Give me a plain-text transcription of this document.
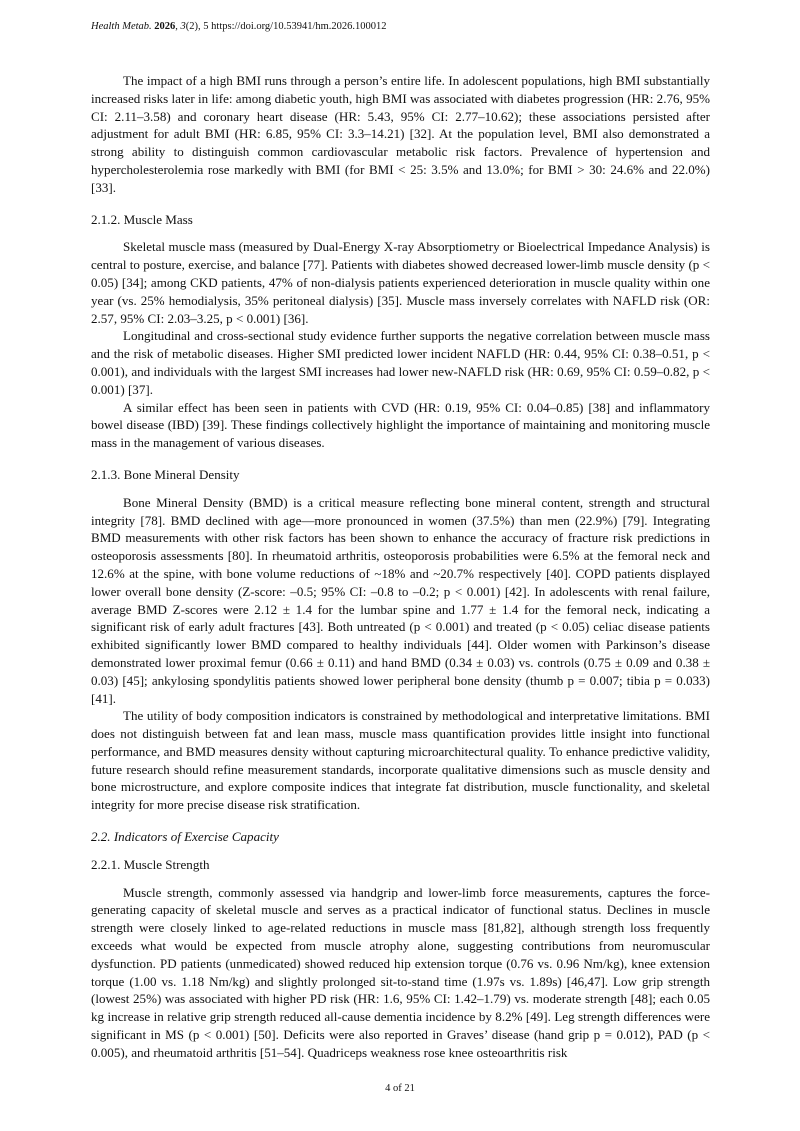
Health Metab. 2026, 3(2), 5 https://doi.org/10.53941/hm.2026.100012

The impact of a high BMI runs through a person’s entire life. In adolescent populations, high BMI substantially increased risks later in life: among diabetic youth, high BMI was associated with diabetes progression (HR: 2.76, 95% CI: 2.11–3.58) and coronary heart disease (HR: 5.43, 95% CI: 2.77–10.62); these associations persisted after adjustment for adult BMI (HR: 6.85, 95% CI: 3.3–14.21) [32]. At the population level, BMI also demonstrated a strong ability to distinguish common cardiovascular metabolic risk factors. Prevalence of hypertension and hypercholesterolemia rose markedly with BMI (for BMI < 25: 3.5% and 13.0%; for BMI > 30: 24.6% and 22.0%) [33].

2.1.2. Muscle Mass

Skeletal muscle mass (measured by Dual-Energy X-ray Absorptiometry or Bioelectrical Impedance Analysis) is central to posture, exercise, and balance [77]. Patients with diabetes showed decreased lower-limb muscle density (p < 0.05) [34]; among CKD patients, 47% of non-dialysis patients experienced deterioration in muscle quality within one year (vs. 25% hemodialysis, 35% peritoneal dialysis) [35]. Muscle mass inversely correlates with NAFLD risk (OR: 2.57, 95% CI: 2.03–3.25, p < 0.001) [36].

Longitudinal and cross-sectional study evidence further supports the negative correlation between muscle mass and the risk of metabolic diseases. Higher SMI predicted lower incident NAFLD (HR: 0.44, 95% CI: 0.38–0.51, p < 0.001), and individuals with the largest SMI increases had lower new-NAFLD risk (HR: 0.69, 95% CI: 0.59–0.82, p < 0.001) [37].

A similar effect has been seen in patients with CVD (HR: 0.19, 95% CI: 0.04–0.85) [38] and inflammatory bowel disease (IBD) [39]. These findings collectively highlight the importance of maintaining and monitoring muscle mass in the management of various diseases.

2.1.3. Bone Mineral Density

Bone Mineral Density (BMD) is a critical measure reflecting bone mineral content, strength and structural integrity [78]. BMD declined with age—more pronounced in women (37.5%) than men (22.9%) [79]. Integrating BMD measurements with other risk factors has been shown to enhance the accuracy of fracture risk predictions in osteoporosis assessments [80]. In rheumatoid arthritis, osteoporosis probabilities were 6.5% at the femoral neck and 12.6% at the spine, with bone volume reductions of ~18% and ~20.7% respectively [40]. COPD patients displayed lower overall bone density (Z-score: –0.5; 95% CI: –0.8 to –0.2; p < 0.001) [42]. In adolescents with renal failure, average BMD Z-scores were 2.12 ± 1.4 for the lumbar spine and 1.77 ± 1.4 for the femoral neck, indicating a significant risk of early adult fractures [43]. Both untreated (p < 0.001) and treated (p < 0.05) celiac disease patients exhibited significantly lower BMD compared to healthy individuals [44]. Older women with Parkinson’s disease demonstrated lower proximal femur (0.66 ± 0.11) and hand BMD (0.34 ± 0.03) vs. controls (0.75 ± 0.09 and 0.38 ± 0.03) [45]; ankylosing spondylitis patients showed lower peripheral bone density (thumb p = 0.007; tibia p = 0.033) [41].

The utility of body composition indicators is constrained by methodological and interpretative limitations. BMI does not distinguish between fat and lean mass, muscle mass quantification provides little insight into functional performance, and BMD measures density without capturing microarchitectural quality. To enhance predictive validity, future research should refine measurement standards, incorporate qualitative dimensions such as muscle density and bone microstructure, and explore composite indices that integrate fat distribution, muscle functionality, and skeletal integrity for more precise disease risk stratification.

2.2. Indicators of Exercise Capacity
2.2.1. Muscle Strength

Muscle strength, commonly assessed via handgrip and lower-limb force measurements, captures the force-generating capacity of skeletal muscle and serves as a practical indicator of functional status. Declines in muscle strength were closely linked to age-related reductions in muscle mass [81,82], although strength loss frequently exceeds what would be expected from muscle atrophy alone, suggesting contributions from neuromuscular dysfunction. PD patients (unmedicated) showed reduced hip extension torque (0.76 vs. 0.96 Nm/kg), knee extension torque (1.00 vs. 1.18 Nm/kg) and slightly prolonged sit-to-stand time (1.97s vs. 1.89s) [46,47]. Low grip strength (lowest 25%) was associated with higher PD risk (HR: 1.6, 95% CI: 1.42–1.79) vs. moderate strength [48]; each 0.05 kg increase in relative grip strength reduced all-cause dementia incidence by 8.2% [49]. Leg strength differences were significant in MS (p < 0.001) [50]. Deficits were also reported in Graves’ disease (hand grip p = 0.012), PAD (p < 0.005), and rheumatoid arthritis [51–54]. Quadriceps weakness rose knee osteoarthritis risk

4 of 21
